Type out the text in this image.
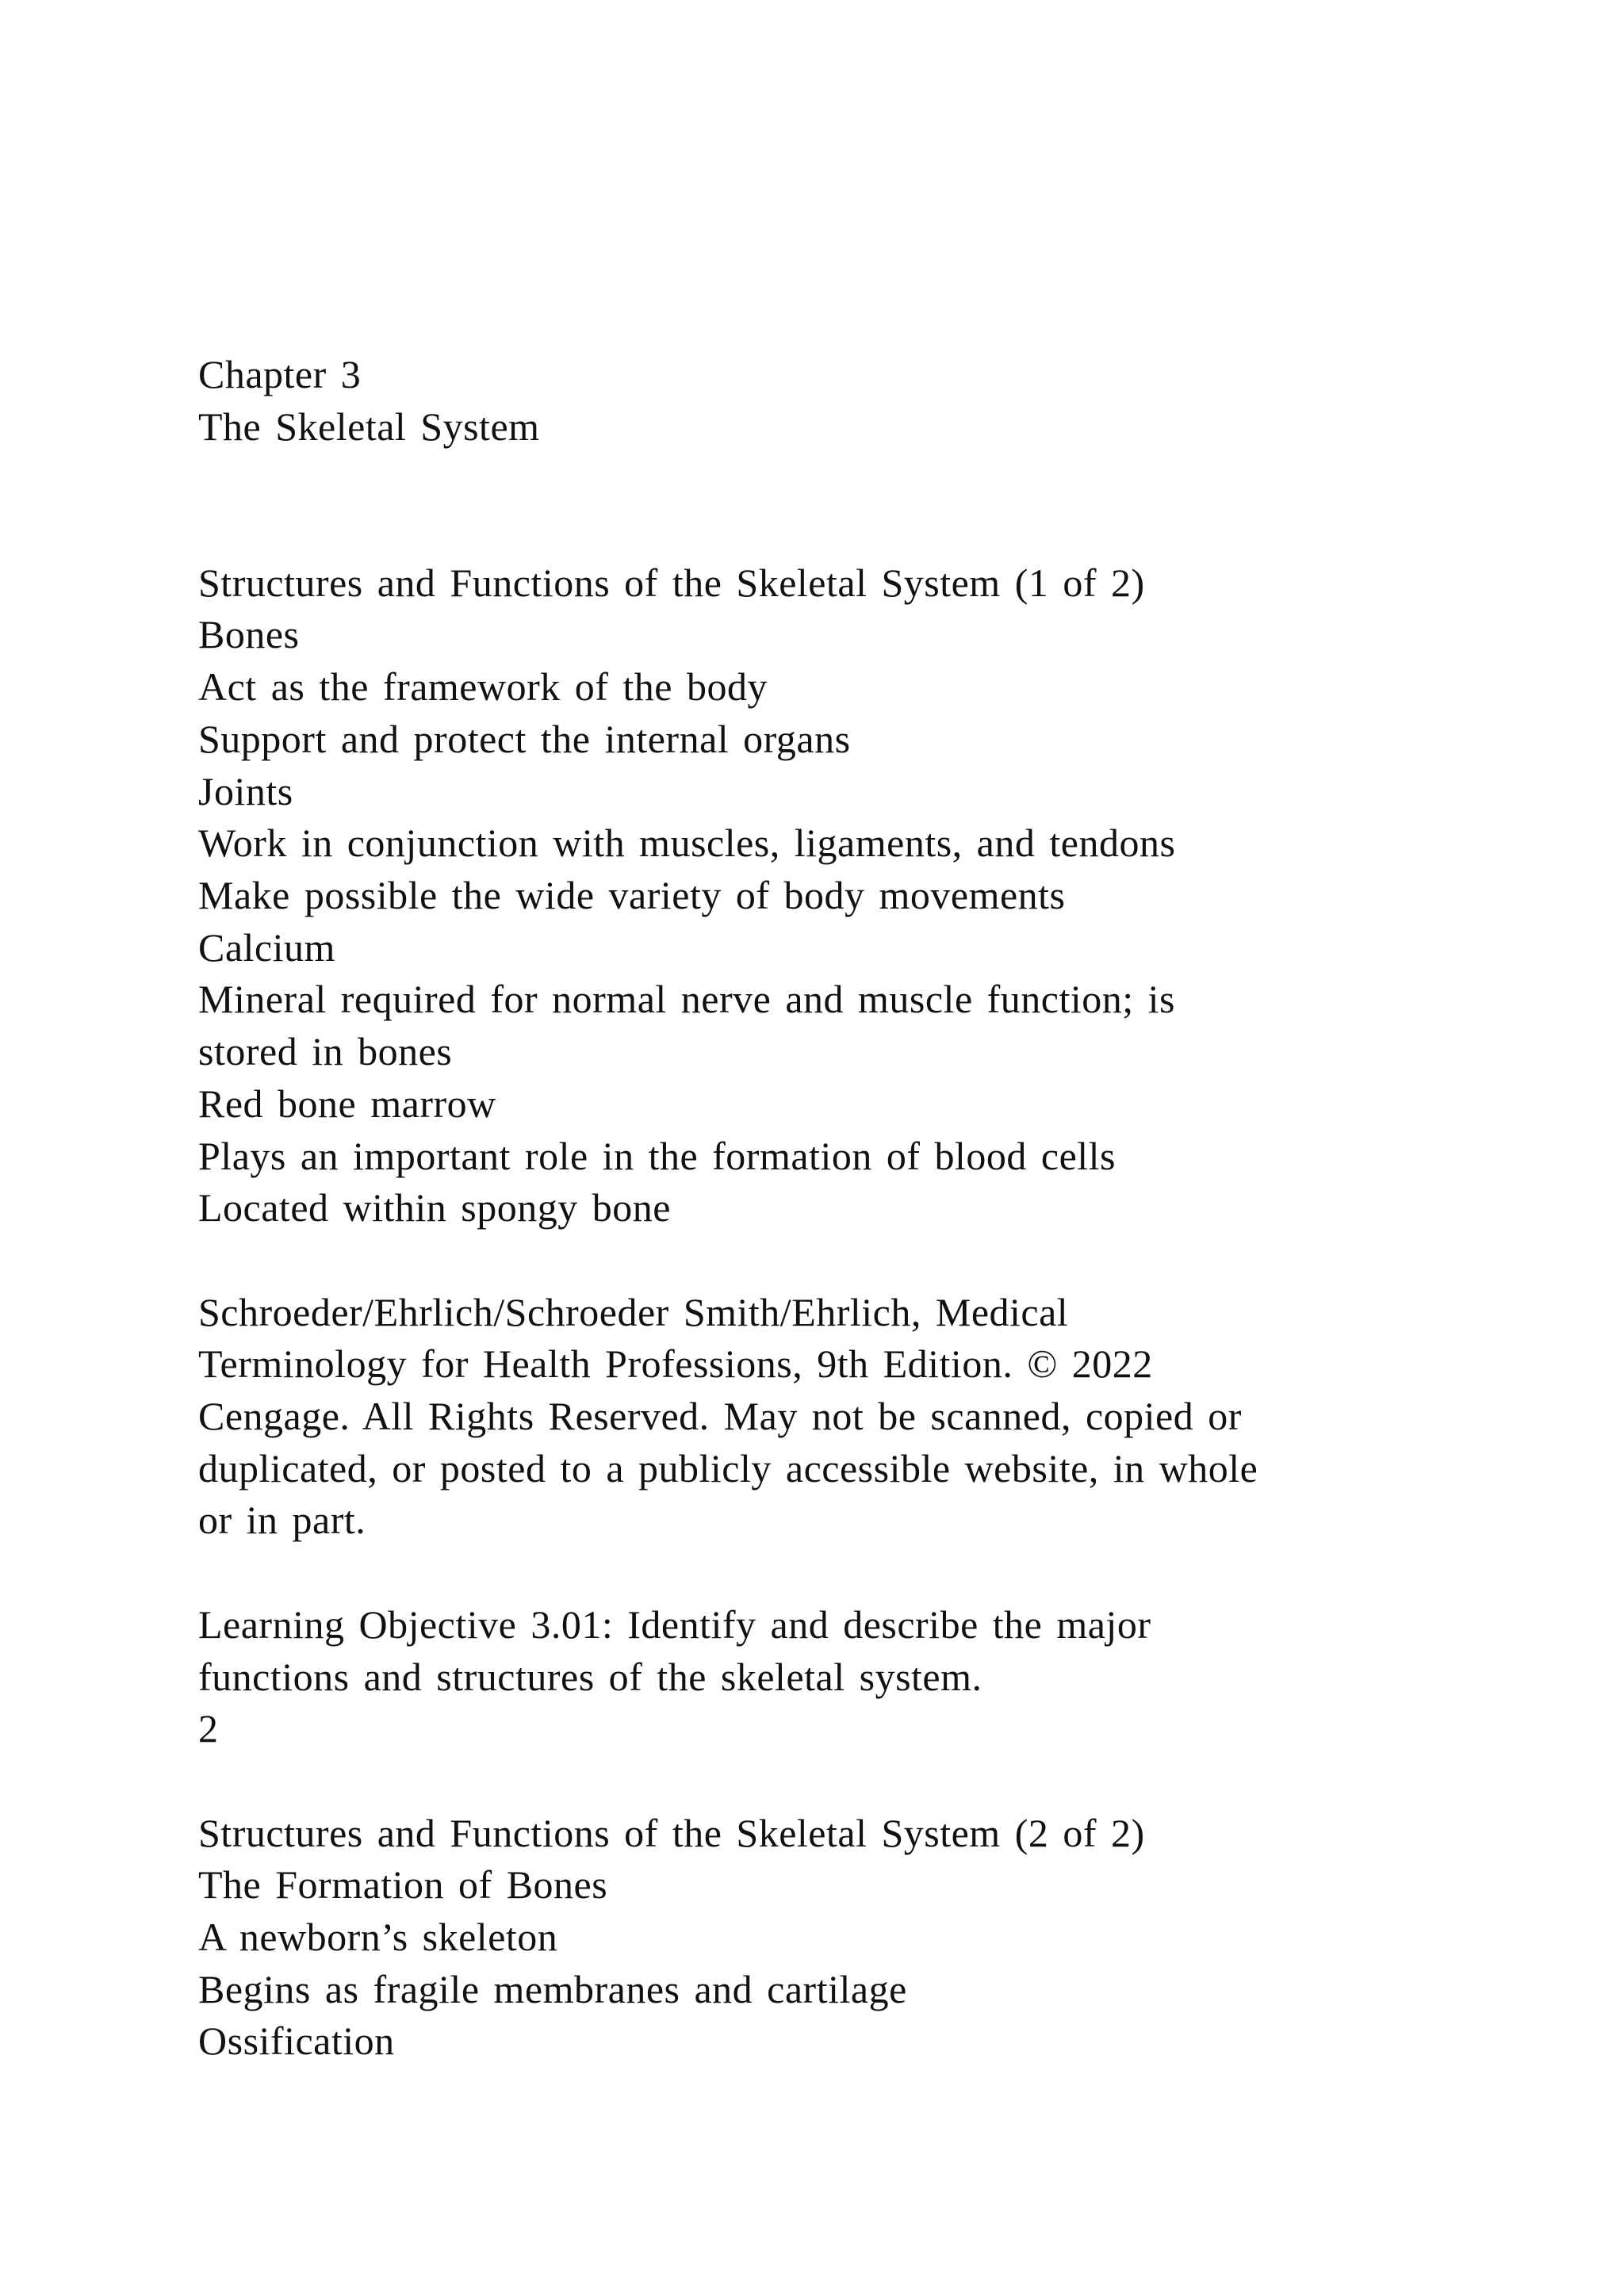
Chapter 3
The Skeletal System
Structures and Functions of the Skeletal System (1 of 2)
Bones
Act as the framework of the body
Support and protect the internal organs
Joints
Work in conjunction with muscles, ligaments, and tendons
Make possible the wide variety of body movements
Calcium
Mineral required for normal nerve and muscle function; is
stored in bones
Red bone marrow
Plays an important role in the formation of blood cells
Located within spongy bone
Schroeder/Ehrlich/Schroeder Smith/Ehrlich, Medical
Terminology for Health Professions, 9th Edition. © 2022
Cengage. All Rights Reserved. May not be scanned, copied or
duplicated, or posted to a publicly accessible website, in whole
or in part.
Learning Objective 3.01: Identify and describe the major
functions and structures of the skeletal system.
2
Structures and Functions of the Skeletal System (2 of 2)
The Formation of Bones
A newborn’s skeleton
Begins as fragile membranes and cartilage
Ossification
